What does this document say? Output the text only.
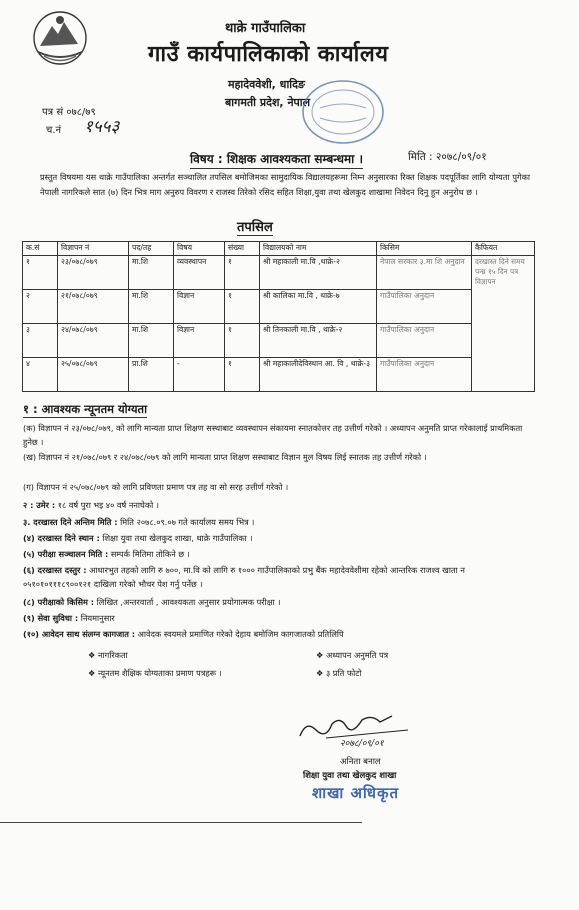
थाक्रे गाउँपालिका
गाउँ कार्यपालिकाको कार्यालय
महादेववेशी, धादिङ
बागमती प्रदेश, नेपाल
पत्र सं ०७८/७९
च.नं १५५३
मिति : २०७८/०९/०१
विषय : शिक्षक आवश्यकता सम्बन्धमा ।
प्रस्तुत विषयमा यस थाक्रे गाउँपालिका अन्तर्गत सञ्चालित तपसिल बमोजिमका सामुदायिक विद्यालयहरूमा निम्न अनुसारका रिक्त शिक्षक पदपूर्तिका लागि योग्यता पुगेका नेपाली नागरिकले सात (७) दिन भित्र माग अनुरुप विवरण र राजस्व तिरेको रसिद सहित शिक्षा,युवा तथा खेलकुद शाखामा निवेदन दिनु हुन अनुरोध छ ।
तपसिल
क.सं	विज्ञापन नं	पद/तह	विषय	संख्या	विद्यालयको नाम	किसिम	कैफियत
१	२३/०७८/०७९	मा.शि	व्यवस्थापन	१	श्री महाकाली मा.वि ,थाक्रे-२	नेपाल सरकार ३.मा शि अनुदान	दरखास्त दिने समय पन्ध्र १५ दिन पत्र विज्ञापन
२	२१/०७८/०७९	मा.शि	विज्ञान	१	श्री कालिका मा.वि , थाक्रे-७	गाउँपालिका अनुदान	
३	२४/०७८/०७९	मा.शि	विज्ञान	१	श्री तिनकाली मा.वि , थाक्रे-२	गाउँपालिका अनुदान	
४	२५/०७८/०७९	प्रा.शि	-	१	श्री महाकालीदेविस्थान आ. वि , थाक्रे-३	गाउँपालिका अनुदान	
१ : आवश्यक न्यूनतम योग्यता
(क) विज्ञापन नं २३/०७८/०७९, को लागि मान्यता प्राप्त शिक्षण सस्थाबाट व्यवस्थापन संकायमा स्नातकोत्तर तह उत्तीर्ण गरेको । अध्यापन अनुमति प्राप्त गरेकालाई प्राथमिकता हुनेछ ।
(ख) विज्ञापन नं २१/०७८/०७९ र २४/०७८/०७९ को लागि मान्यता प्राप्त शिक्षण सस्थाबाट विज्ञान मुल विषय लिई स्नातक तह उत्तीर्ण गरेको ।
(ग) विज्ञापन नं २५/०७८/०७९ को लागि प्रविणता प्रमाण पत्र तह वा सो सरह उत्तीर्ण गरेको ।
२ : उमेर : १८ वर्ष पुरा भइ ४० वर्ष ननाघेको ।
३. दरखास्त दिने अन्तिम मिति : मिति २०७८.०९.०७ गते कार्यालय समय भित्र ।
(४) दरखास्त दिने स्थान : शिक्षा युवा तथा खेलकुद शाखा, थाक्रे गाउँपालिका ।
(५) परीक्षा सञ्चालन मिति : सम्पर्क मितिमा तोकिने छ ।
(६) दरखास्त दस्तुर : आधारभुत तहको लागि रु ७००, मा.वि को लागि रु १००० गाउँपालिकाको प्रभु बैंक महादेववेशीमा रहेको आन्तरिक राजश्व खाता न ०५१०१०१११८९००१२१ दाखिला गरेको भौचर पेश गर्नु पर्नेछ ।
(८) परीक्षाको किसिम : लिखित ,अन्तरवार्ता , आवश्यकता अनुसार प्रयोगात्मक परीक्षा ।
(९) सेवा सुविधा : नियमानुसार
(१०) आवेदन साथ संलग्न कागजात : आवेदक स्वयमले प्रमाणित गरेको देहाय बमोजिम कागजातको प्रतिलिपि
❖ नागरिकता
❖ न्यूनतम शैक्षिक योग्यताका प्रमाण पत्रहरू ।
❖ अध्यापन अनुमति पत्र
❖ ३ प्रति फोटो
२०७८/०९/०१
अनिता बनाल
शिक्षा युवा तथा खेलकुद शाखा
शाखा अधिकृत
